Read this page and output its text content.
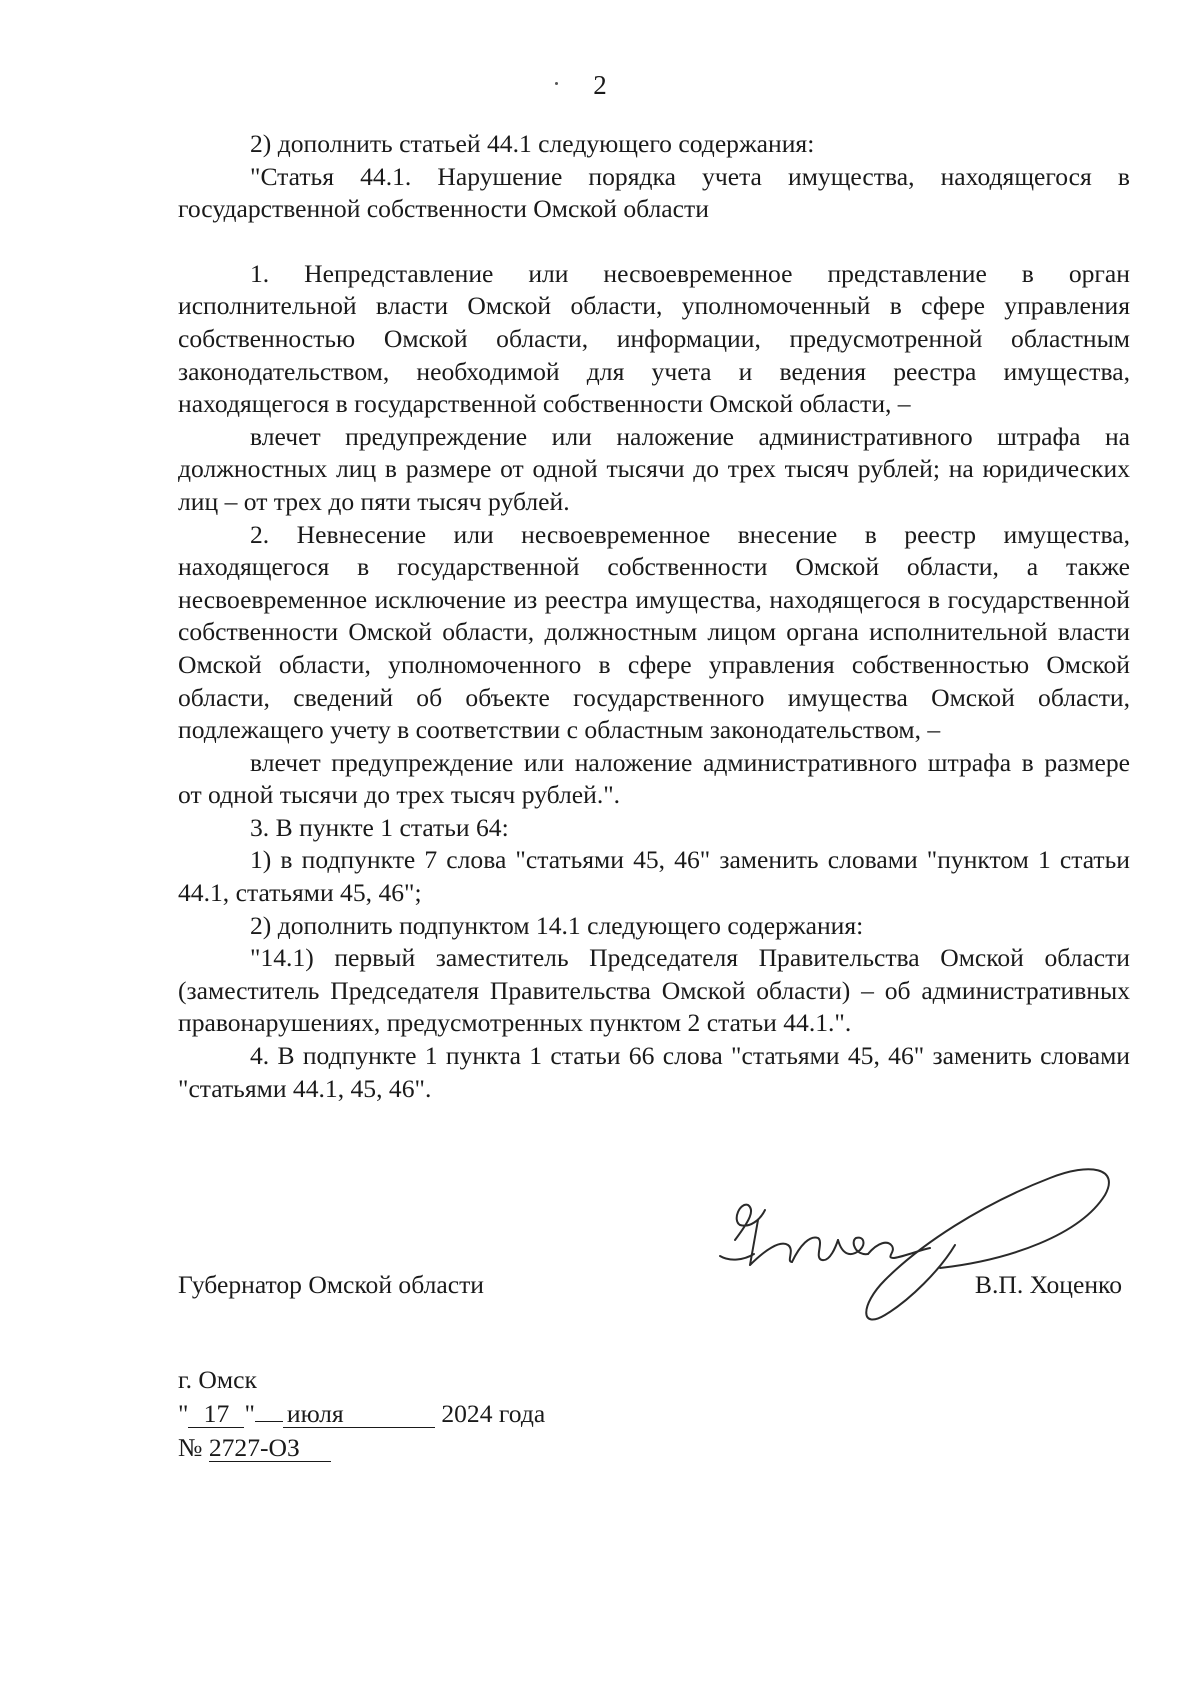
2

2) дополнить статьей 44.1 следующего содержания:

"Статья 44.1. Нарушение порядка учета имущества, находящегося в государственной собственности Омской области

1. Непредставление или несвоевременное представление в орган исполнительной власти Омской области, уполномоченный в сфере управления собственностью Омской области, информации, предусмотренной областным законодательством, необходимой для учета и ведения реестра имущества, находящегося в государственной собственности Омской области, –

влечет предупреждение или наложение административного штрафа на должностных лиц в размере от одной тысячи до трех тысяч рублей; на юридических лиц – от трех до пяти тысяч рублей.

2. Невнесение или несвоевременное внесение в реестр имущества, находящегося в государственной собственности Омской области, а также несвоевременное исключение из реестра имущества, находящегося в государственной собственности Омской области, должностным лицом органа исполнительной власти Омской области, уполномоченного в сфере управления собственностью Омской области, сведений об объекте государственного имущества Омской области, подлежащего учету в соответствии с областным законодательством, –

влечет предупреждение или наложение административного штрафа в размере от одной тысячи до трех тысяч рублей.".

3. В пункте 1 статьи 64:

1) в подпункте 7 слова "статьями 45, 46" заменить словами "пунктом 1 статьи 44.1, статьями 45, 46";

2) дополнить подпунктом 14.1 следующего содержания:

"14.1) первый заместитель Председателя Правительства Омской области (заместитель Председателя Правительства Омской области) – об административных правонарушениях, предусмотренных пунктом 2 статьи 44.1.".

4. В подпункте 1 пункта 1 статьи 66 слова "статьями 45, 46" заменить словами "статьями 44.1, 45, 46".

Губернатор Омской области	В.П. Хоценко
г. Омск
" 17 " июля	2024 года
№ 2727-ОЗ
